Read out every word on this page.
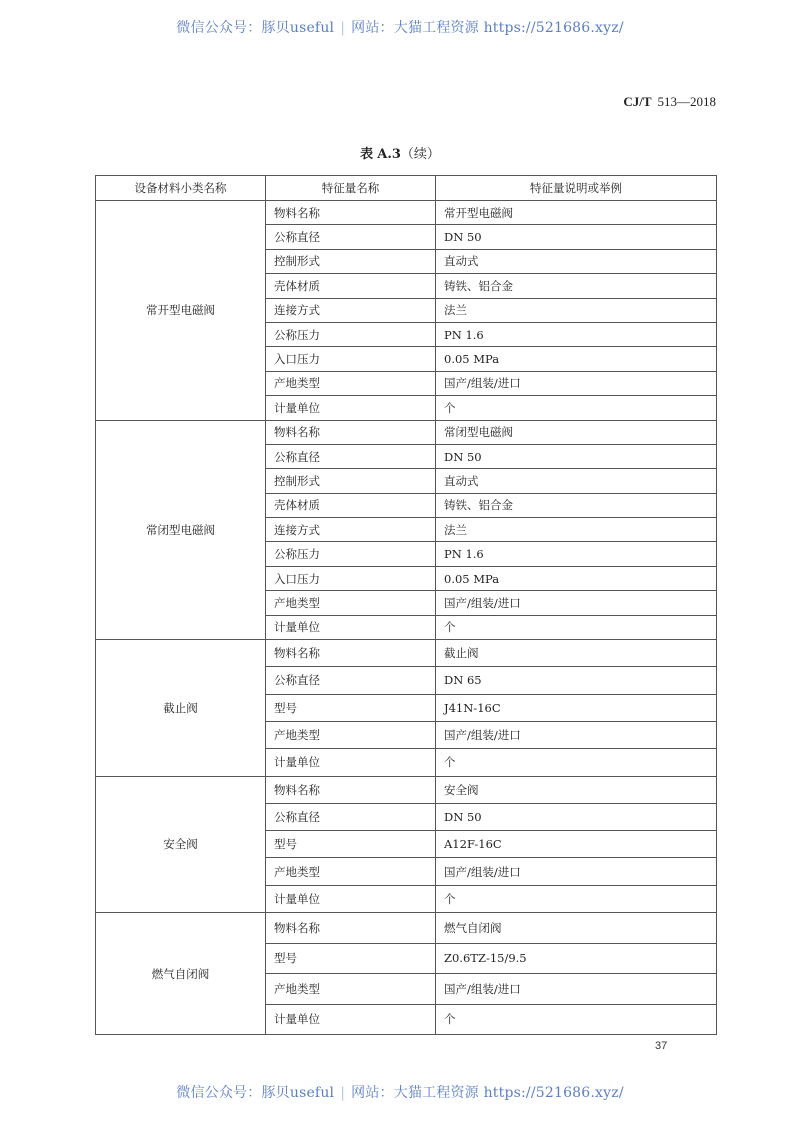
微信公众号：豚贝useful | 网站：大猫工程资源 https://521686.xyz/
CJ/T 513—2018
表 A.3（续）
设备材料小类名称	特征量名称	特征量说明或举例
常开型电磁阀	物料名称	常开型电磁阀
	公称直径	DN 50
	控制形式	直动式
	壳体材质	铸铁、铝合金
	连接方式	法兰
	公称压力	PN 1.6
	入口压力	0.05 MPa
	产地类型	国产/组装/进口
	计量单位	个
常闭型电磁阀	物料名称	常闭型电磁阀
	公称直径	DN 50
	控制形式	直动式
	壳体材质	铸铁、铝合金
	连接方式	法兰
	公称压力	PN 1.6
	入口压力	0.05 MPa
	产地类型	国产/组装/进口
	计量单位	个
截止阀	物料名称	截止阀
	公称直径	DN 65
	型号	J41N-16C
	产地类型	国产/组装/进口
	计量单位	个
安全阀	物料名称	安全阀
	公称直径	DN 50
	型号	A12F-16C
	产地类型	国产/组装/进口
	计量单位	个
燃气自闭阀	物料名称	燃气自闭阀
	型号	Z0.6TZ-15/9.5
	产地类型	国产/组装/进口
	计量单位	个
37
微信公众号：豚贝useful | 网站：大猫工程资源 https://521686.xyz/
